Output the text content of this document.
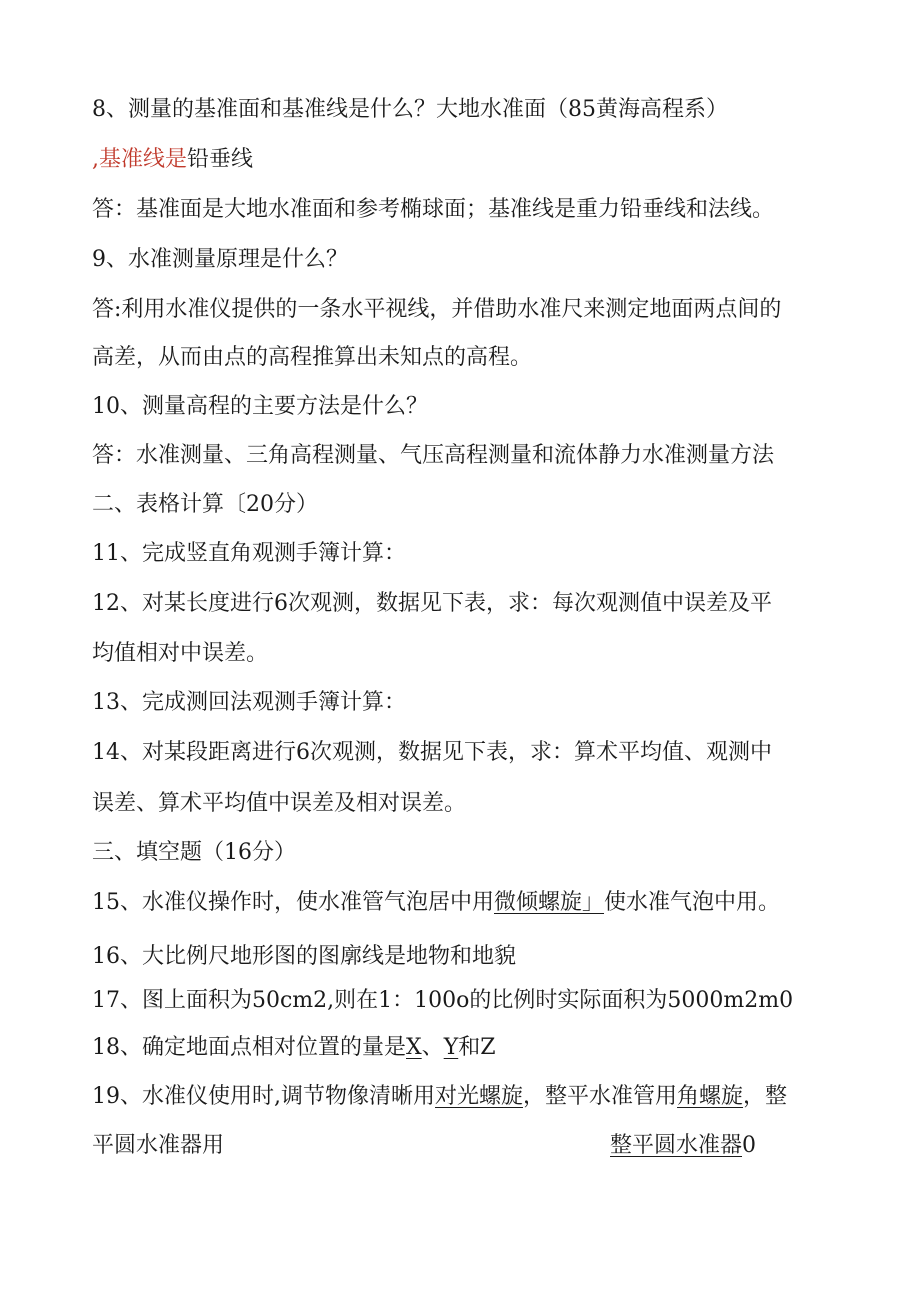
8、测量的基准面和基准线是什么？大地水准面（85黄海高程系）
,基准线是铅垂线
答：基准面是大地水准面和参考椭球面；基准线是重力铅垂线和法线。
9、水准测量原理是什么？
答:利用水准仪提供的一条水平视线，并借助水准尺来测定地面两点间的
高差，从而由点的高程推算出未知点的高程。
10、测量高程的主要方法是什么？
答：水准测量、三角高程测量、气压高程测量和流体静力水准测量方法
二、表格计算〔20分）
11、完成竖直角观测手簿计算：
12、对某长度进行6次观测，数据见下表，求：每次观测值中误差及平
均值相对中误差。
13、完成测回法观测手簿计算：
14、对某段距离进行6次观测，数据见下表，求：算术平均值、观测中
误差、算术平均值中误差及相对误差。
三、填空题（16分）
15、水准仪操作时，使水准管气泡居中用微倾螺旋」使水准气泡中用。
16、大比例尺地形图的图廓线是地物和地貌
17、图上面积为50cm2,则在1：100o的比例时实际面积为5000m2m0
18、确定地面点相对位置的量是X、Y和Z
19、水准仪使用时,调节物像清晰用对光螺旋，整平水准管用角螺旋，整
平圆水准器用	整平圆水准器0
